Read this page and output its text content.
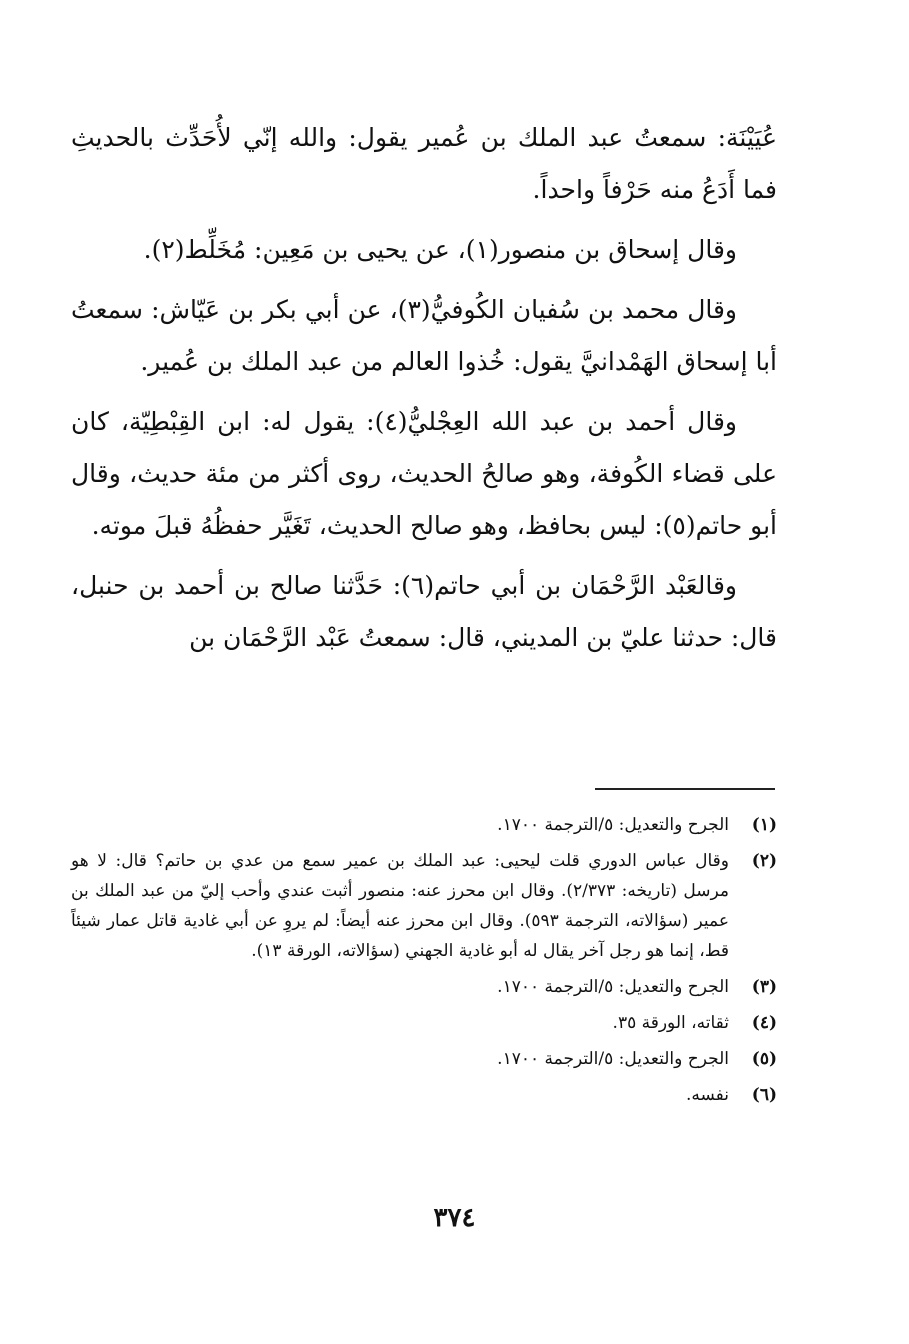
عُيَيْنَة: سمعتُ عبد الملك بن عُمير يقول: والله إنّي لأُحَدِّث بالحديثِ فما أَدَعُ منه حَرْفاً واحداً.

وقال إسحاق بن منصور(١)، عن يحيى بن مَعِين: مُخَلِّط(٢).

وقال محمد بن سُفيان الكُوفيُّ(٣)، عن أبي بكر بن عَيّاش: سمعتُ أبا إسحاق الهَمْدانيَّ يقول: خُذوا العالم من عبد الملك بن عُمير.

وقال أحمد بن عبد الله العِجْليُّ(٤): يقول له: ابن القِبْطِيّة، كان على قضاء الكُوفة، وهو صالحُ الحديث، روى أكثر من مئة حديث، وقال أبو حاتم(٥): ليس بحافظ، وهو صالح الحديث، تَغَيَّر حفظُهُ قبلَ موته.

وقالعَبْد الرَّحْمَان بن أبي حاتم(٦): حَدَّثنا صالح بن أحمد بن حنبل، قال: حدثنا عليّ بن المديني، قال: سمعتُ عَبْد الرَّحْمَان بن

(١)
الجرح والتعديل: ٥/الترجمة ١٧٠٠.
(٢)
وقال عباس الدوري قلت ليحيى: عبد الملك بن عمير سمع من عدي بن حاتم؟ قال: لا هو مرسل (تاريخه: ٢/٣٧٣). وقال ابن محرز عنه: منصور أثبت عندي وأحب إليّ من عبد الملك بن عمير (سؤالاته، الترجمة ٥٩٣). وقال ابن محرز عنه أيضاً: لم يروِ عن أبي غادية قاتل عمار شيئاً قط، إنما هو رجل آخر يقال له أبو غادية الجهني (سؤالاته، الورقة ١٣).
(٣)
الجرح والتعديل: ٥/الترجمة ١٧٠٠.
(٤)
ثقاته، الورقة ٣٥.
(٥)
الجرح والتعديل: ٥/الترجمة ١٧٠٠.
(٦)
نفسه.
٣٧٤
